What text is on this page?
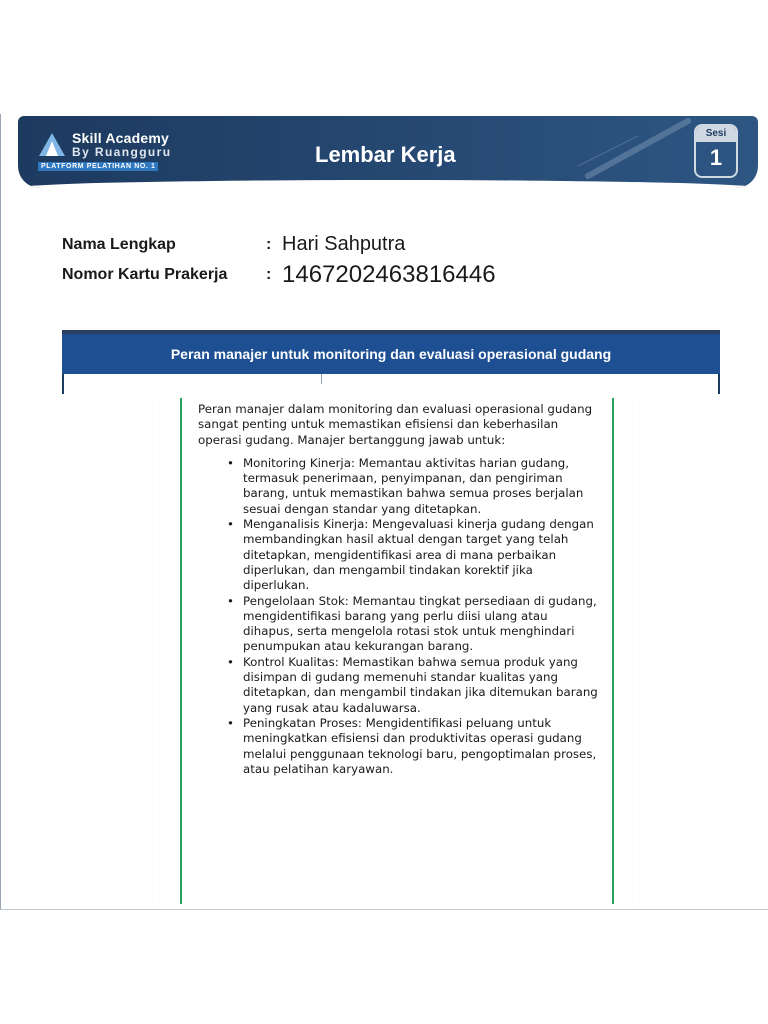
Skill Academy
By Ruangguru
PLATFORM PELATIHAN NO. 1	Lembar Kerja
Sesi
1
Nama Lengkap	: Hari Sahputra
Nomor Kartu Prakerja : 1467202463816446
Peran manajer untuk monitoring dan evaluasi operasional gudang

Peran manajer dalam monitoring dan evaluasi operasional gudang sangat penting untuk memastikan efisiensi dan keberhasilan operasi gudang. Manajer bertanggung jawab untuk:

• Monitoring Kinerja: Memantau aktivitas harian gudang, termasuk penerimaan, penyimpanan, dan pengiriman barang, untuk memastikan bahwa semua proses berjalan sesuai dengan standar yang ditetapkan.
• Menganalisis Kinerja: Mengevaluasi kinerja gudang dengan membandingkan hasil aktual dengan target yang telah ditetapkan, mengidentifikasi area di mana perbaikan diperlukan, dan mengambil tindakan korektif jika diperlukan.
• Pengelolaan Stok: Memantau tingkat persediaan di gudang, mengidentifikasi barang yang perlu diisi ulang atau dihapus, serta mengelola rotasi stok untuk menghindari penumpukan atau kekurangan barang.
• Kontrol Kualitas: Memastikan bahwa semua produk yang disimpan di gudang memenuhi standar kualitas yang ditetapkan, dan mengambil tindakan jika ditemukan barang yang rusak atau kadaluwarsa.
• Peningkatan Proses: Mengidentifikasi peluang untuk meningkatkan efisiensi dan produktivitas operasi gudang melalui penggunaan teknologi baru, pengoptimalan proses, atau pelatihan karyawan.
